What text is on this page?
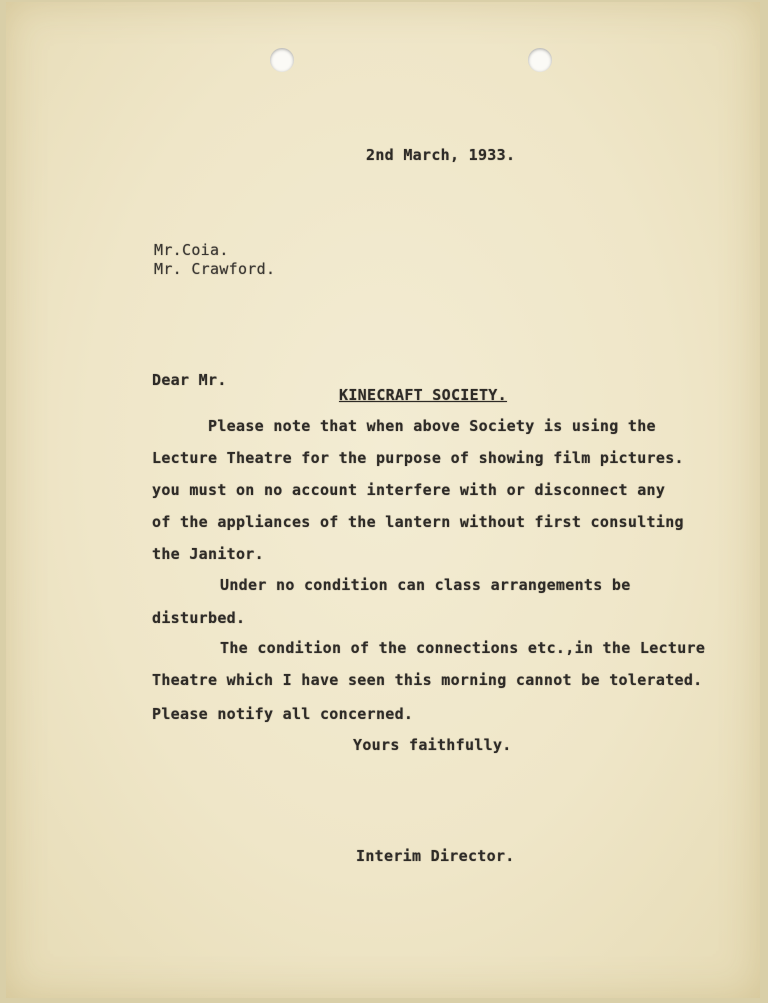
2nd March, 1933.
Mr.Coia.
Mr. Crawford.
Dear Mr.
KINECRAFT SOCIETY.
Please note that when above Society is using the
Lecture Theatre for the purpose of showing film pictures.
you must on no account interfere with or disconnect any
of the appliances of the lantern without first consulting
the Janitor.
Under no condition can class arrangements be
disturbed.
The condition of the connections etc.,in the Lecture
Theatre which I have seen this morning cannot be tolerated.
Please notify all concerned.
Yours faithfully.
Interim Director.
